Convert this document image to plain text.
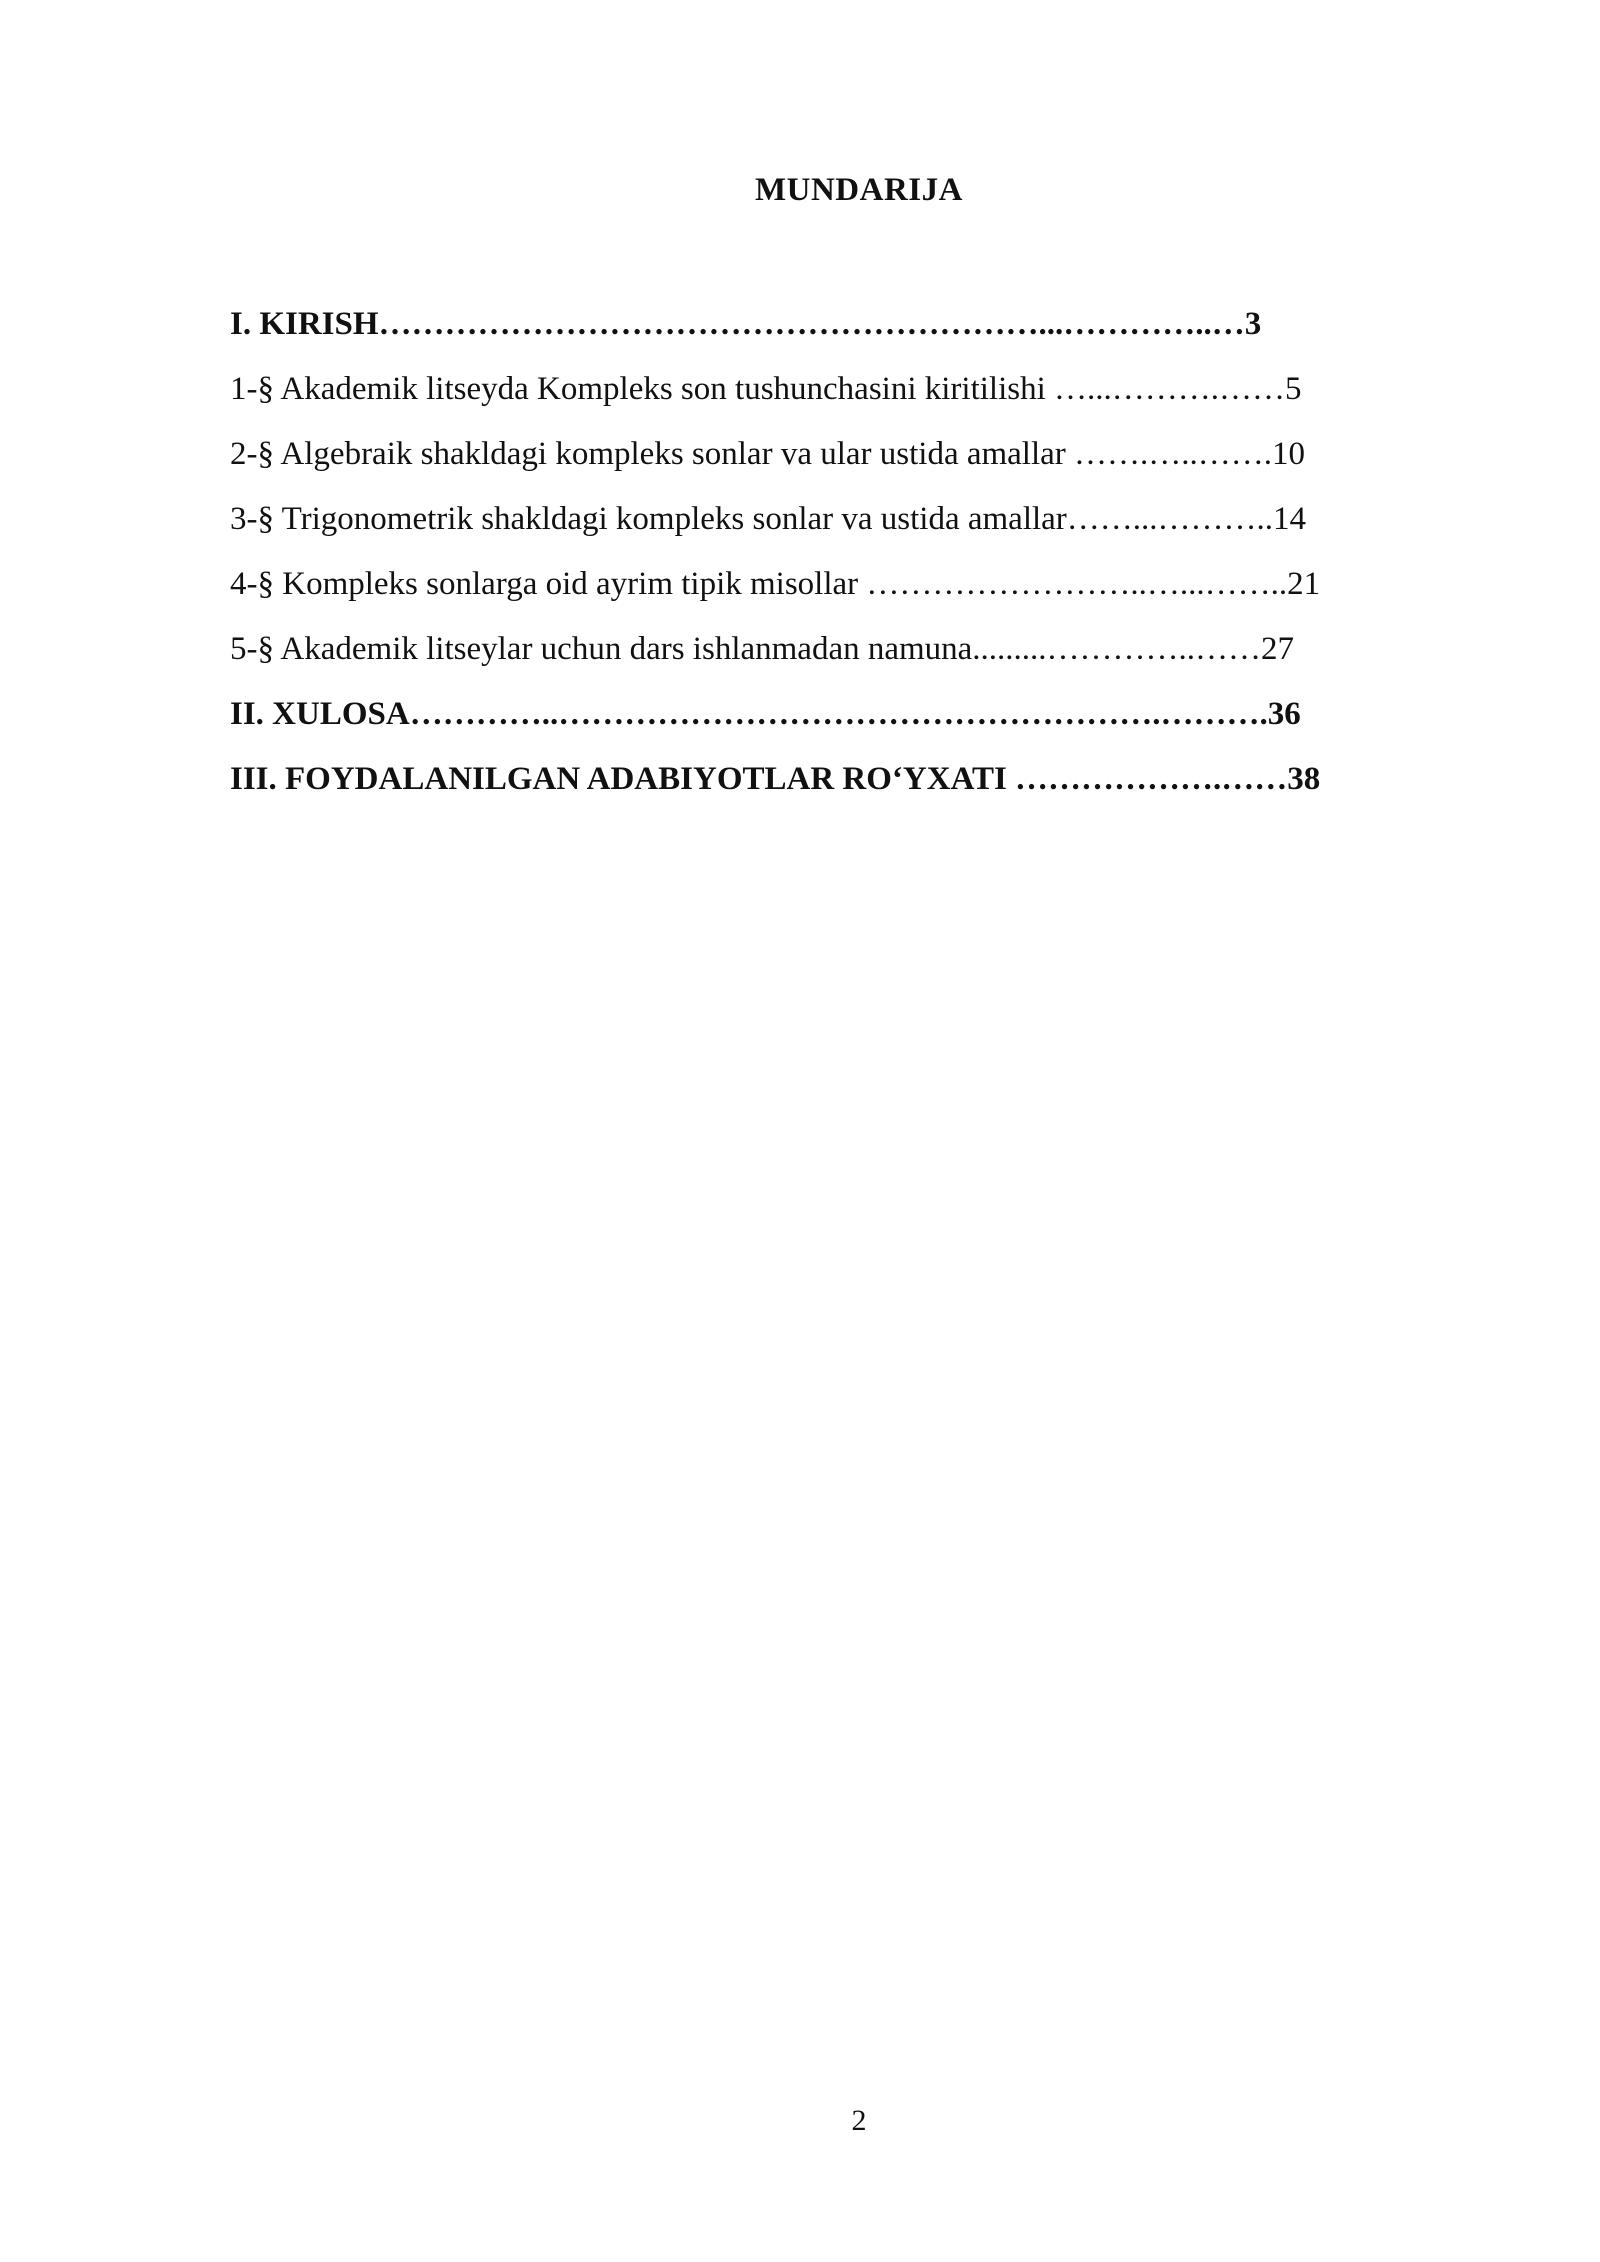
MUNDARIJA
I. KIRISH……………………………………………………...…………..…3
1-§ Akademik litseyda Kompleks son tushunchasini kiritilishi …...……….……5
2-§ Algebraik shakldagi kompleks sonlar va ular ustida amallar …….…..…….10
3-§ Trigonometrik shakldagi kompleks sonlar va ustida amallar……...………..14
4-§ Kompleks sonlarga oid ayrim tipik misollar ……………………..…...……..21
5-§ Akademik litseylar uchun dars ishlanmadan namuna.........…………..……27
II. XULOSA…………..……………………………………………….……….36
III. FOYDALANILGAN ADABIYOTLAR RO‘YXATI ……………….……38
2
